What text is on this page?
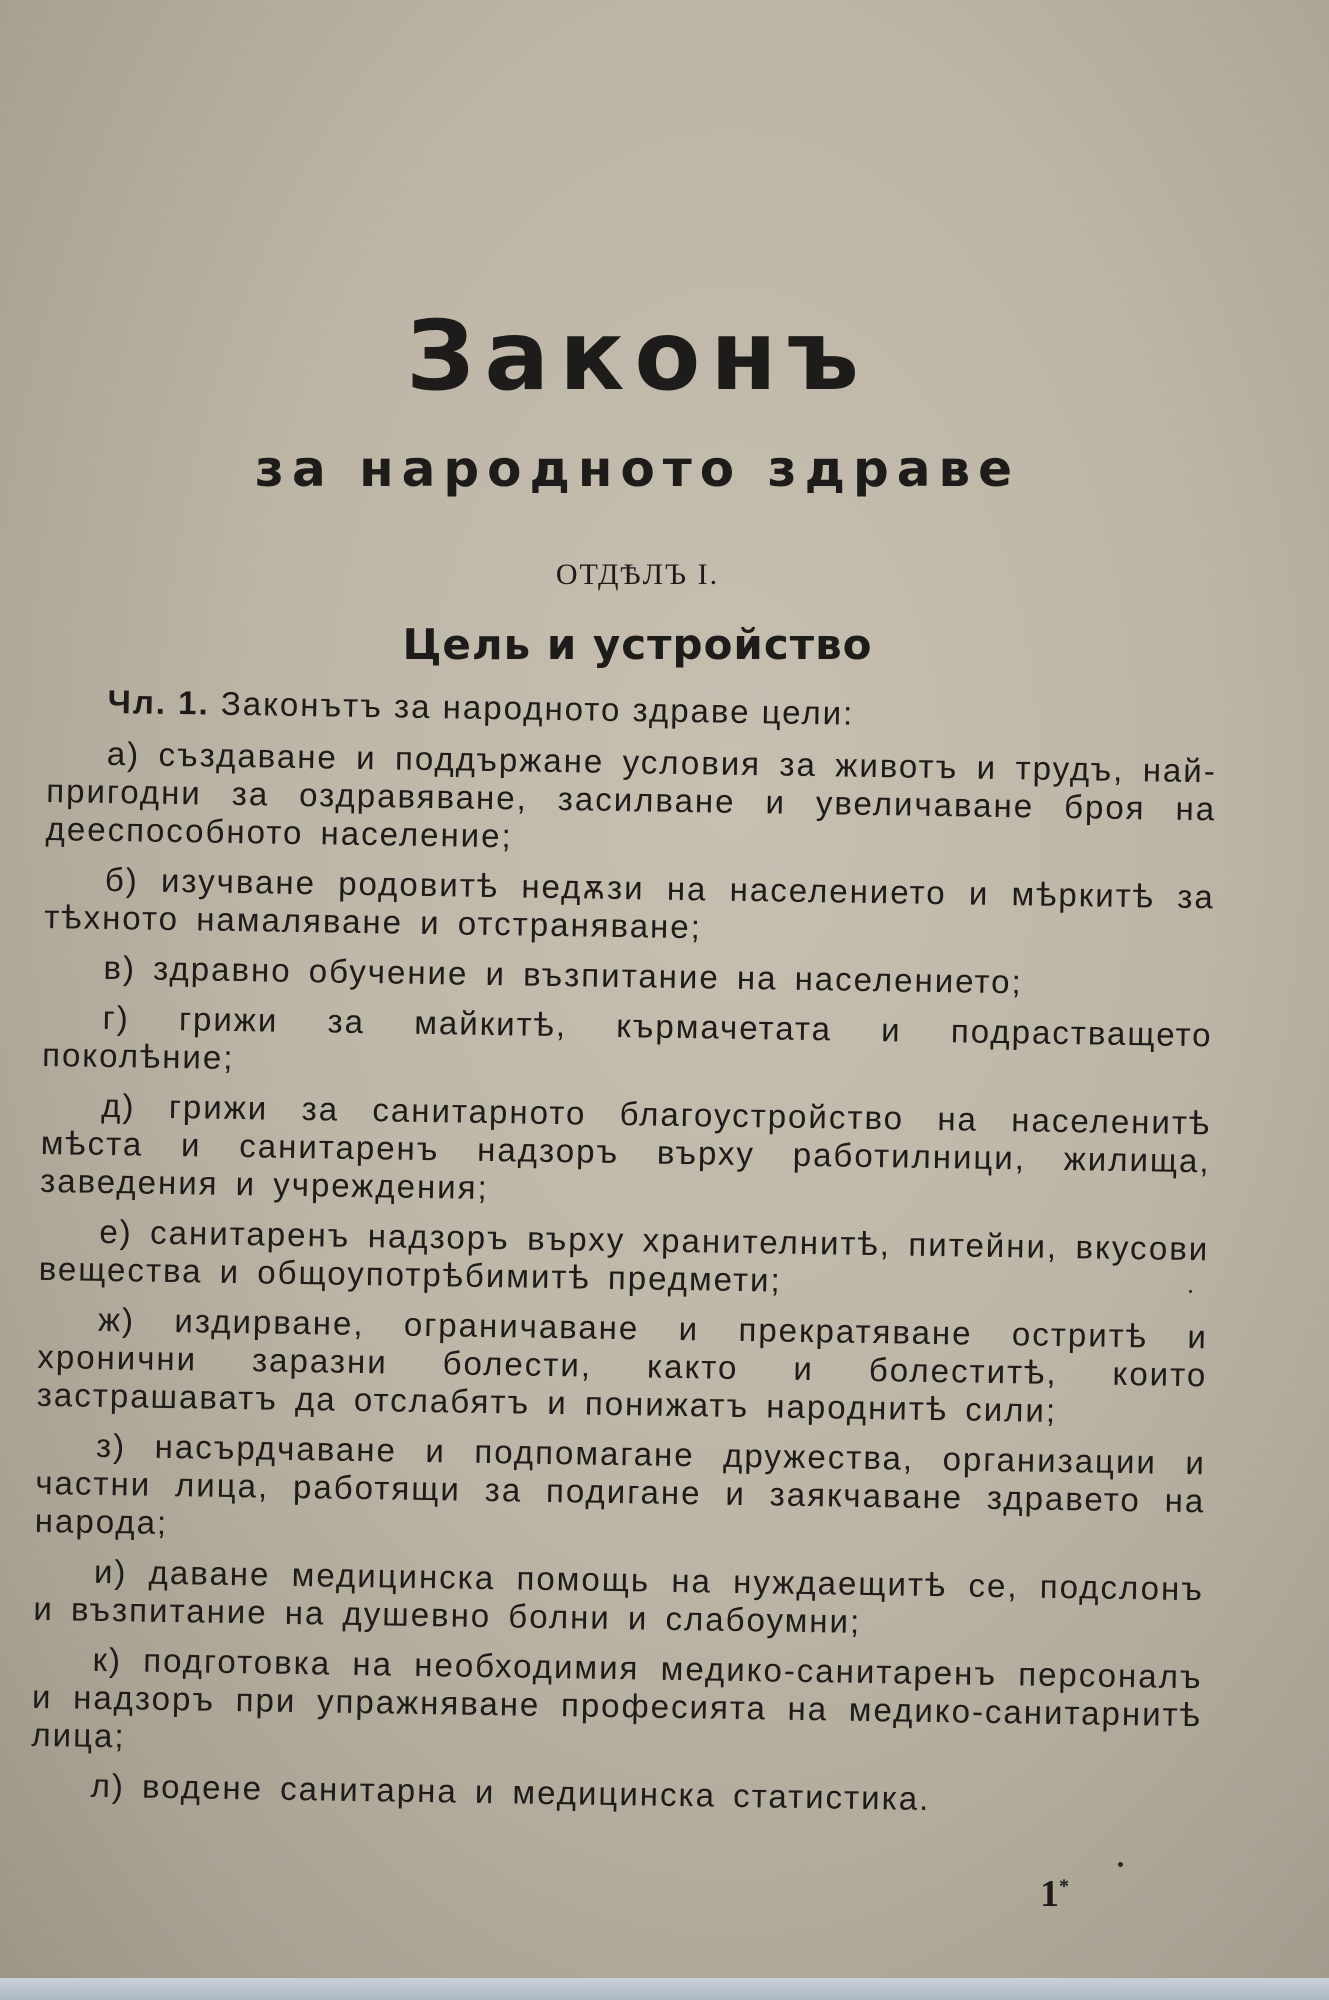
Законъ
за народното здраве
ОТДѢЛЪ I.
Цель и устройство

Чл. 1. Законътъ за народното здраве цели:

а) създаване и поддържане условия за животъ и трудъ, най-пригодни за оздравяване, засилване и увеличаване броя на дееспособното население;

б) изучване родовитѣ недѫзи на населението и мѣркитѣ за тѣхното намаляване и отстраняване;

в) здравно обучение и възпитание на населението;

г) грижи за майкитѣ, кърмачетата и подрастващето поколѣние;

д) грижи за санитарното благоустройство на населенитѣ мѣста и санитаренъ надзоръ върху работилници, жилища, заведения и учреждения;

е) санитаренъ надзоръ върху хранителнитѣ, питейни, вкусови вещества и общоупотрѣбимитѣ предмети;

ж) издирване, ограничаване и прекратяване остритѣ и хронични заразни болести, както и болеститѣ, които застрашаватъ да отслабятъ и понижатъ народнитѣ сили;

з) насърдчаване и подпомагане дружества, организации и частни лица, работящи за подигане и заякчаване здравето на народа;

и) даване медицинска помощь на нуждаещитѣ се, подслонъ и възпитание на душевно болни и слабоумни;

к) подготовка на необходимия медико-санитаренъ персоналъ и надзоръ при упражняване професията на медико-санитарнитѣ лица;

л) водене санитарна и медицинска статистика.

1*
